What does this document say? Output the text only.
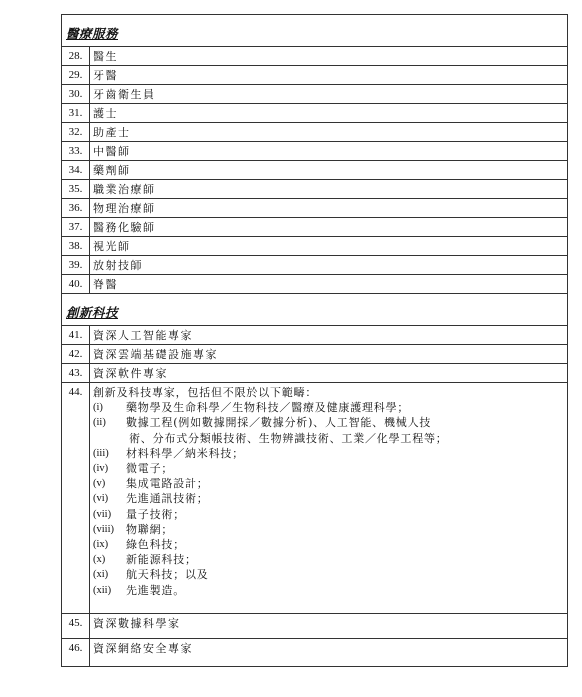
醫療服務
28. 醫生
29. 牙醫
30. 牙齒衛生員
31. 護士
32. 助產士
33. 中醫師
34. 藥劑師
35. 職業治療師
36. 物理治療師
37. 醫務化驗師
38. 視光師
39. 放射技師
40. 脊醫
創新科技
41. 資深人工智能專家
42. 資深雲端基礎設施專家
43. 資深軟件專家
44. 創新及科技專家，包括但不限於以下範疇：
(i)	藥物學及生命科學／生物科技／醫療及健康護理科學；
(ii)	數據工程(例如數據開採／數據分析)、人工智能、機械人技
術、分布式分類帳技術、生物辨識技術、工業／化學工程等；
(iii)	材料科學／納米科技；
(iv)	微電子；
(v)	集成電路設計；
(vi)	先進通訊技術；
(vii)	量子技術；
(viii)	物聯網；
(ix)	綠色科技；
(x)	新能源科技；
(xi)	航天科技；以及
(xii)	先進製造。
45. 資深數據科學家
46. 資深網絡安全專家
